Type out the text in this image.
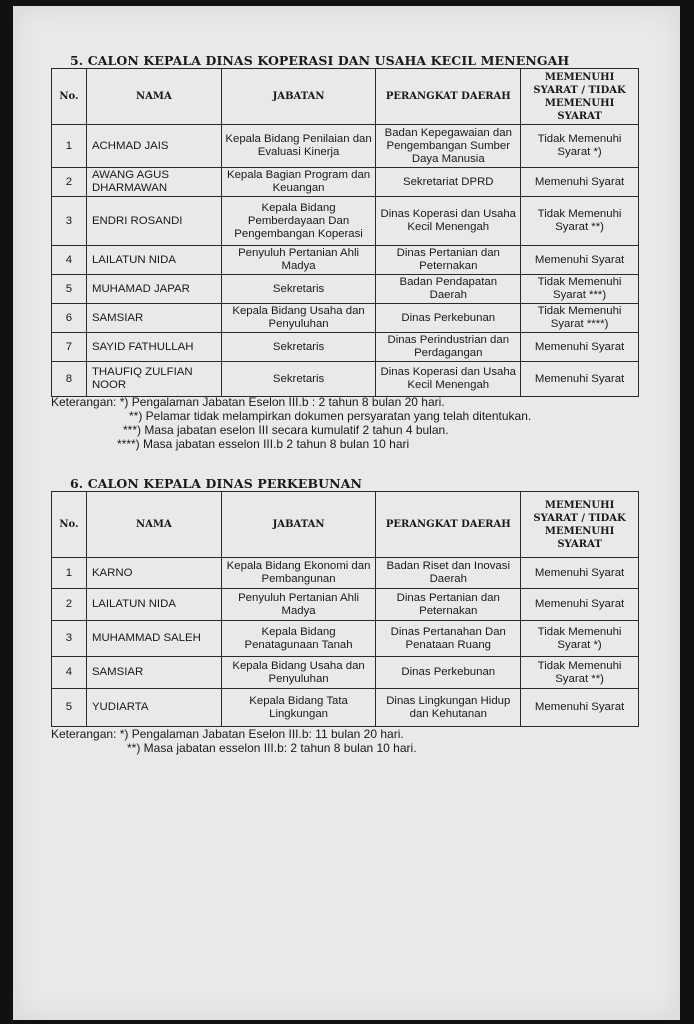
5. CALON KEPALA DINAS KOPERASI DAN USAHA KECIL MENENGAH
No.	NAMA	JABATAN	PERANGKAT DAERAH	MEMENUHI SYARAT / TIDAK MEMENUHI SYARAT
1	ACHMAD JAIS	Kepala Bidang Penilaian dan Evaluasi Kinerja	Badan Kepegawaian dan Pengembangan Sumber Daya Manusia	Tidak Memenuhi Syarat *)
2	AWANG AGUS DHARMAWAN	Kepala Bagian Program dan Keuangan	Sekretariat DPRD	Memenuhi Syarat
3	ENDRI ROSANDI	Kepala Bidang Pemberdayaan Dan Pengembangan Koperasi	Dinas Koperasi dan Usaha Kecil Menengah	Tidak Memenuhi Syarat **)
4	LAILATUN NIDA	Penyuluh Pertanian Ahli Madya	Dinas Pertanian dan Peternakan	Memenuhi Syarat
5	MUHAMAD JAPAR	Sekretaris	Badan Pendapatan Daerah	Tidak Memenuhi Syarat ***)
6	SAMSIAR	Kepala Bidang Usaha dan Penyuluhan	Dinas Perkebunan	Tidak Memenuhi Syarat ****)
7	SAYID FATHULLAH	Sekretaris	Dinas Perindustrian dan Perdagangan	Memenuhi Syarat
8	THAUFIQ ZULFIAN NOOR	Sekretaris	Dinas Koperasi dan Usaha Kecil Menengah	Memenuhi Syarat
Keterangan: *) Pengalaman Jabatan Eselon III.b : 2 tahun 8 bulan 20 hari.
**) Pelamar tidak melampirkan dokumen persyaratan yang telah ditentukan.
***) Masa jabatan eselon III secara kumulatif 2 tahun 4 bulan.
****) Masa jabatan esselon III.b 2 tahun 8 bulan 10 hari
6. CALON KEPALA DINAS PERKEBUNAN
No.	NAMA	JABATAN	PERANGKAT DAERAH	MEMENUHI SYARAT / TIDAK MEMENUHI SYARAT
1	KARNO	Kepala Bidang Ekonomi dan Pembangunan	Badan Riset dan Inovasi Daerah	Memenuhi Syarat
2	LAILATUN NIDA	Penyuluh Pertanian Ahli Madya	Dinas Pertanian dan Peternakan	Memenuhi Syarat
3	MUHAMMAD SALEH	Kepala Bidang Penatagunaan Tanah	Dinas Pertanahan Dan Penataan Ruang	Tidak Memenuhi Syarat *)
4	SAMSIAR	Kepala Bidang Usaha dan Penyuluhan	Dinas Perkebunan	Tidak Memenuhi Syarat **)
5	YUDIARTA	Kepala Bidang Tata Lingkungan	Dinas Lingkungan Hidup dan Kehutanan	Memenuhi Syarat
Keterangan: *) Pengalaman Jabatan Eselon III.b: 11 bulan 20 hari.
**) Masa jabatan esselon III.b: 2 tahun 8 bulan 10 hari.
